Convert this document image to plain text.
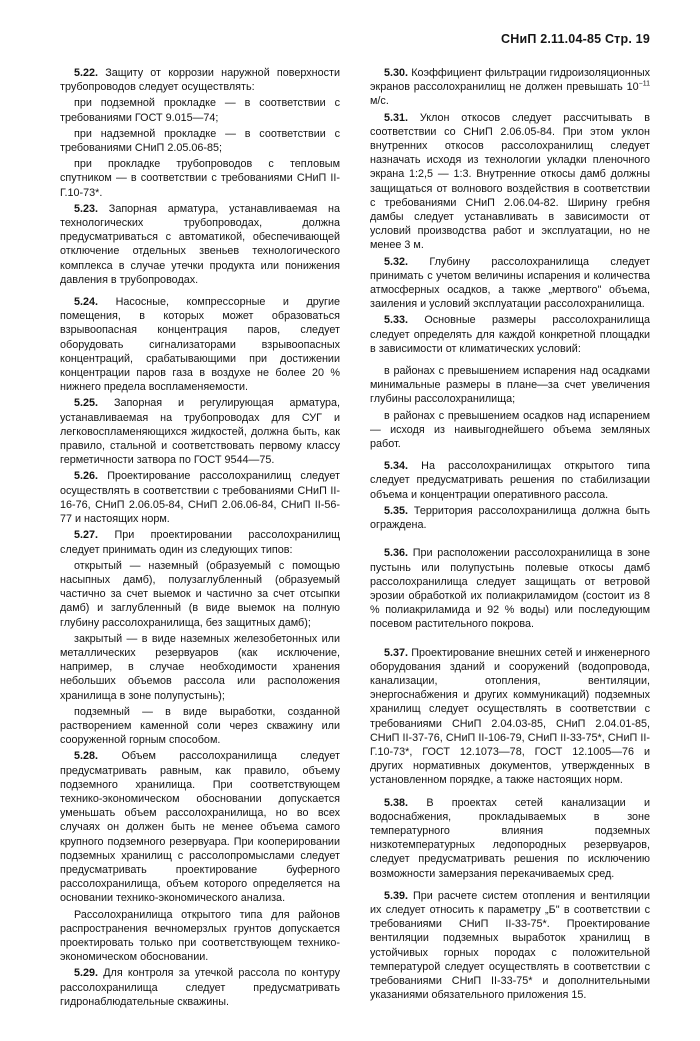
СНиП 2.11.04-85 Стр. 19

5.22. Защиту от коррозии наружной поверхности трубопроводов следует осуществлять:

при подземной прокладке — в соответствии с требованиями ГОСТ 9.015—74;

при надземной прокладке — в соответствии с требованиями СНиП 2.05.06-85;

при прокладке трубопроводов с тепловым спутником — в соответствии с требованиями СНиП II-Г.10-73*.

5.23. Запорная арматура, устанавливаемая на технологических трубопроводах, должна предусматриваться с автоматикой, обеспечивающей отключение отдельных звеньев технологического комплекса в случае утечки продукта или понижения давления в трубопроводах.

5.24. Насосные, компрессорные и другие помещения, в которых может образоваться взрывоопасная концентрация паров, следует оборудовать сигнализаторами взрывоопасных концентраций, срабатывающими при достижении концентрации паров газа в воздухе не более 20 % нижнего предела воспламеняемости.

5.25. Запорная и регулирующая арматура, устанавливаемая на трубопроводах для СУГ и легковоспламеняющихся жидкостей, должна быть, как правило, стальной и соответствовать первому классу герметичности затвора по ГОСТ 9544—75.

5.26. Проектирование рассолохранилищ следует осуществлять в соответствии с требованиями СНиП II-16-76, СНиП 2.06.05-84, СНиП 2.06.06-84, СНиП II-56-77 и настоящих норм.

5.27. При проектировании рассолохранилищ следует принимать один из следующих типов:

открытый — наземный (образуемый с помощью насыпных дамб), полузаглубленный (образуемый частично за счет выемок и частично за счет отсыпки дамб) и заглубленный (в виде выемок на полную глубину рассолохранилища, без защитных дамб);

закрытый — в виде наземных железобетонных или металлических резервуаров (как исключение, например, в случае необходимости хранения небольших объемов рассола или расположения хранилища в зоне полупустынь);

подземный — в виде выработки, созданной растворением каменной соли через скважину или сооруженной горным способом.

5.28. Объем рассолохранилища следует предусматривать равным, как правило, объему подземного хранилища. При соответствующем технико-экономическом обосновании допускается уменьшать объем рассолохранилища, но во всех случаях он должен быть не менее объема самого крупного подземного резервуара. При кооперировании подземных хранилищ с рассолопромыслами следует предусматривать проектирование буферного рассолохранилища, объем которого определяется на основании технико-экономического анализа.

Рассолохранилища открытого типа для районов распространения вечномерзлых грунтов допускается проектировать только при соответствующем технико-экономическом обосновании.

5.29. Для контроля за утечкой рассола по контуру рассолохранилища следует предусматривать гидронаблюдательные скважины.

5.30. Коэффициент фильтрации гидроизоляционных экранов рассолохранилищ не должен превышать $10^{-11}$ м/с.

5.31. Уклон откосов следует рассчитывать в соответствии со СНиП 2.06.05-84. При этом уклон внутренних откосов рассолохранилищ следует назначать исходя из технологии укладки пленочного экрана 1:2,5 — 1:3. Внутренние откосы дамб должны защищаться от волнового воздействия в соответствии с требованиями СНиП 2.06.04-82. Ширину гребня дамбы следует устанавливать в зависимости от условий производства работ и эксплуатации, но не менее 3 м.

5.32. Глубину рассолохранилища следует принимать с учетом величины испарения и количества атмосферных осадков, а также „мертвого" объема, заиления и условий эксплуатации рассолохранилища.

5.33. Основные размеры рассолохранилища следует определять для каждой конкретной площадки в зависимости от климатических условий:

в районах с превышением испарения над осадками минимальные размеры в плане—за счет увеличения глубины рассолохранилища;

в районах с превышением осадков над испарением — исходя из наивыгоднейшего объема земляных работ.

5.34. На рассолохранилищах открытого типа следует предусматривать решения по стабилизации объема и концентрации оперативного рассола.

5.35. Территория рассолохранилища должна быть ограждена.

5.36. При расположении рассолохранилища в зоне пустынь или полупустынь полевые откосы дамб рассолохранилища следует защищать от ветровой эрозии обработкой их полиакриламидом (состоит из 8 % полиакриламида и 92 % воды) или последующим посевом растительного покрова.

5.37. Проектирование внешних сетей и инженерного оборудования зданий и сооружений (водопровода, канализации, отопления, вентиляции, энергоснабжения и других коммуникаций) подземных хранилищ следует осуществлять в соответствии с требованиями СНиП 2.04.03-85, СНиП 2.04.01-85, СНиП II-37-76, СНиП II-106-79, СНиП II-33-75*, СНиП II-Г.10-73*, ГОСТ 12.1073—78, ГОСТ 12.1005—76 и других нормативных документов, утвержденных в установленном порядке, а также настоящих норм.

5.38. В проектах сетей канализации и водоснабжения, прокладываемых в зоне температурного влияния подземных низкотемпературных ледопородных резервуаров, следует предусматривать решения по исключению возможности замерзания перекачиваемых сред.

5.39. При расчете систем отопления и вентиляции их следует относить к параметру „Б" в соответствии с требованиями СНиП II-33-75*. Проектирование вентиляции подземных выработок хранилищ в устойчивых горных породах с положительной температурой следует осуществлять в соответствии с требованиями СНиП II-33-75* и дополнительными указаниями обязательного приложения 15.
